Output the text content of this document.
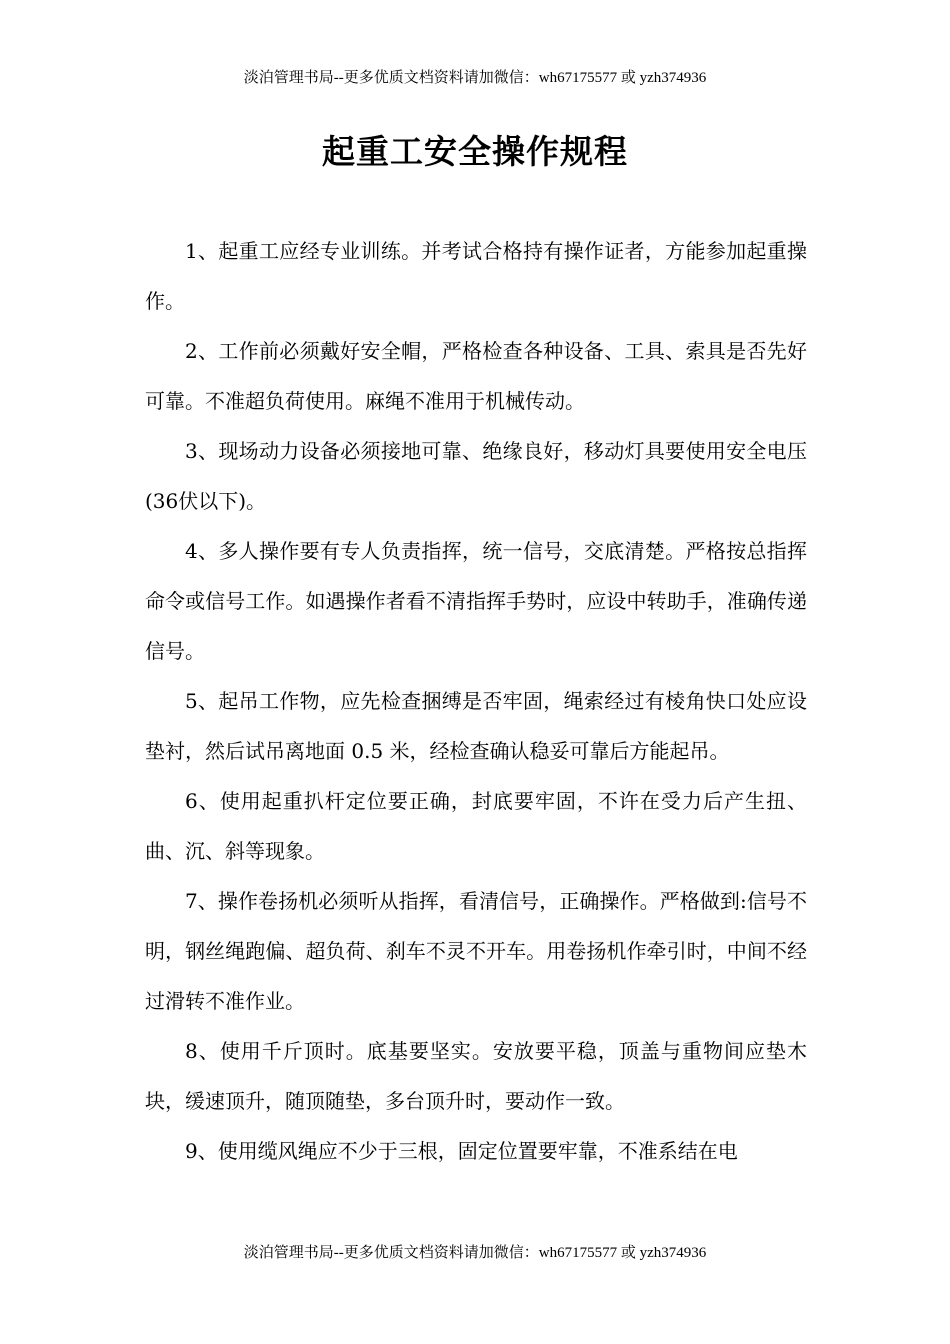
淡泊管理书局--更多优质文档资料请加微信：wh67175577 或 yzh374936
起重工安全操作规程

1、起重工应经专业训练。并考试合格持有操作证者，方能参加起重操作。

2、工作前必须戴好安全帽，严格检查各种设备、工具、索具是否先好可靠。不准超负荷使用。麻绳不准用于机械传动。

3、现场动力设备必须接地可靠、绝缘良好，移动灯具要使用安全电压(36伏以下)。

4、多人操作要有专人负责指挥，统一信号，交底清楚。严格按总指挥命令或信号工作。如遇操作者看不清指挥手势时，应设中转助手，准确传递信号。

5、起吊工作物，应先检查捆缚是否牢固，绳索经过有棱角快口处应设垫衬，然后试吊离地面 0.5 米，经检查确认稳妥可靠后方能起吊。

6、使用起重扒杆定位要正确，封底要牢固，不许在受力后产生扭、曲、沉、斜等现象。

7、操作卷扬机必须听从指挥，看清信号，正确操作。严格做到:信号不明，钢丝绳跑偏、超负荷、刹车不灵不开车。用卷扬机作牵引时，中间不经过滑转不准作业。

8、使用千斤顶时。底基要坚实。安放要平稳，顶盖与重物间应垫木块，缓速顶升，随顶随垫，多台顶升时，要动作一致。

9、使用缆风绳应不少于三根，固定位置要牢靠，不准系结在电

淡泊管理书局--更多优质文档资料请加微信：wh67175577 或 yzh374936
